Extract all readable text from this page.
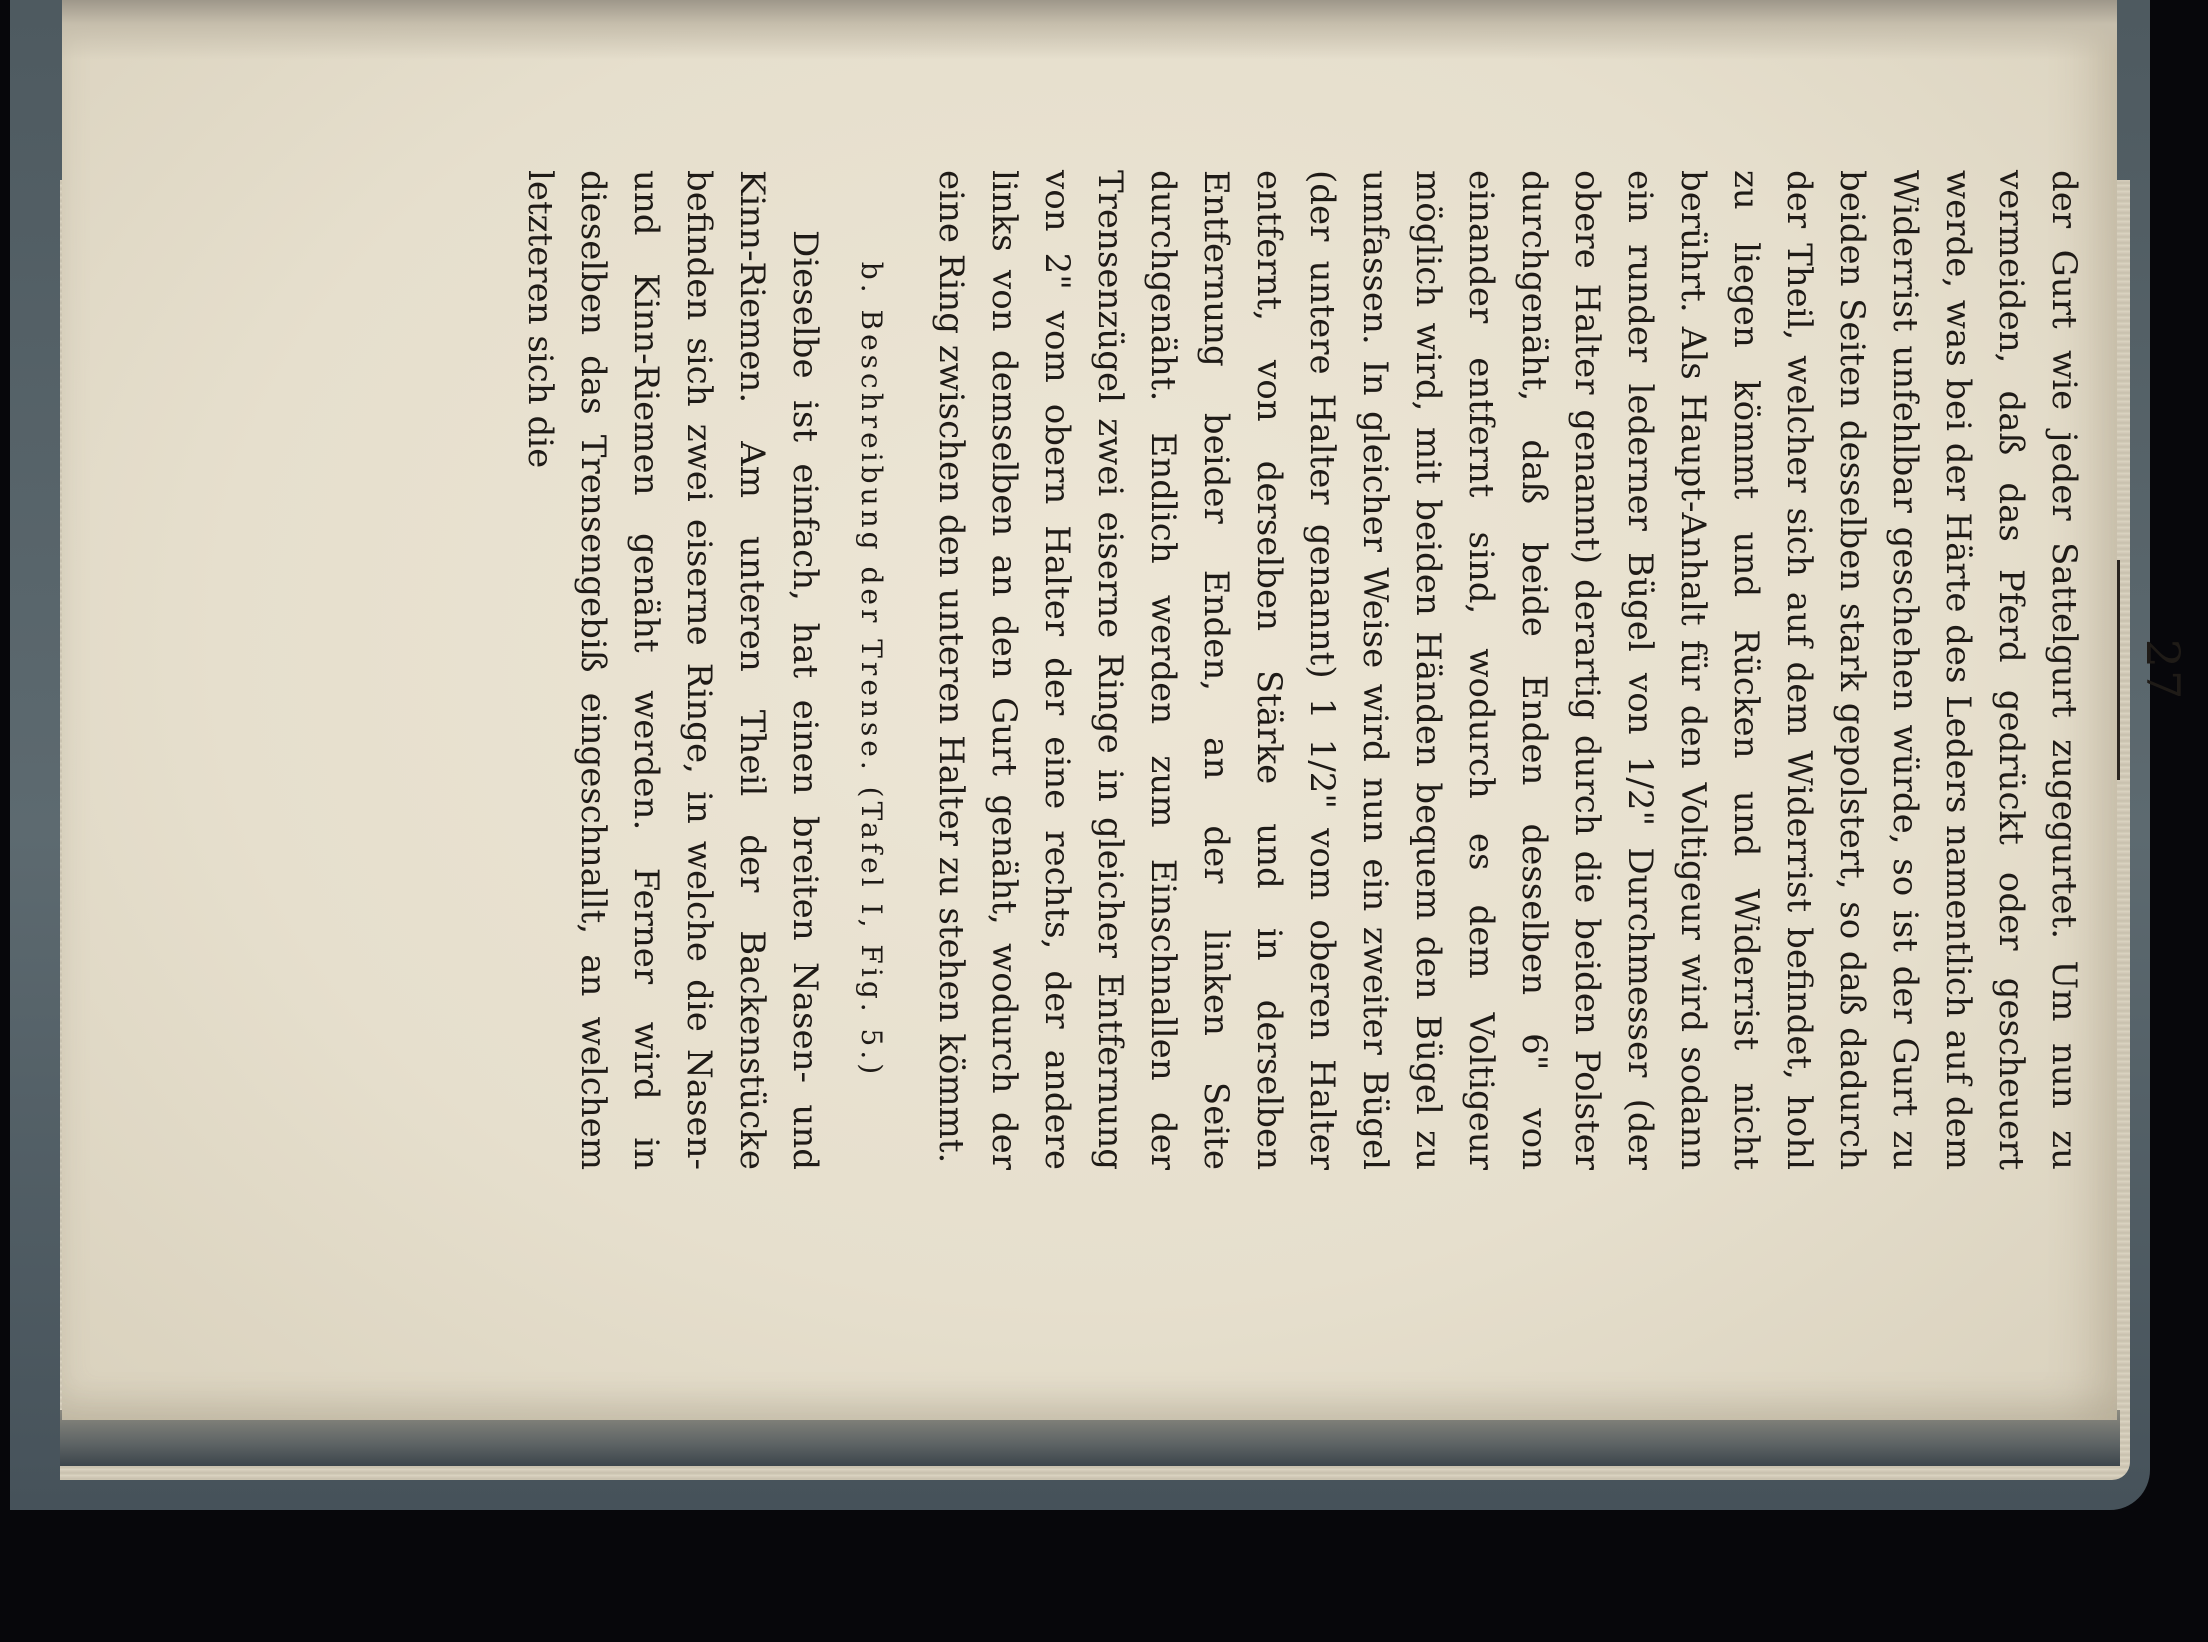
27

der Gurt wie jeder Sattelgurt zugegurtet. Um nun zu vermeiden, daß das Pferd gedrückt oder gescheuert werde, was bei der Härte des Leders namentlich auf dem Widerrist unfehlbar geschehen würde, so ist der Gurt zu beiden Seiten desselben stark gepolstert, so daß dadurch der Theil, welcher sich auf dem Widerrist befindet, hohl zu liegen kömmt und Rücken und Widerrist nicht berührt. Als Haupt-Anhalt für den Voltigeur wird sodann ein runder lederner Bügel von 1/2" Durchmesser (der obere Halter genannt) derartig durch die beiden Polster durchgenäht, daß beide Enden desselben 6" von einander entfernt sind, wodurch es dem Voltigeur möglich wird, mit beiden Händen bequem den Bügel zu umfassen. In gleicher Weise wird nun ein zweiter Bügel (der untere Halter genannt) 1 1/2" vom oberen Halter entfernt, von derselben Stärke und in derselben Entfernung beider Enden, an der linken Seite durchgenäht. Endlich werden zum Einschnallen der Trensenzügel zwei eiserne Ringe in gleicher Entfernung von 2" vom obern Halter der eine rechts, der andere links von demselben an den Gurt genäht, wodurch der eine Ring zwischen den unteren Halter zu stehen kömmt.

b. Beschreibung der Trense. (Tafel I, Fig. 5.)

Dieselbe ist einfach, hat einen breiten Nasen- und Kinn-Riemen. Am unteren Theil der Backenstücke befinden sich zwei eiserne Ringe, in welche die Nasen- und Kinn-Riemen genäht werden. Ferner wird in dieselben das Trensengebiß eingeschnallt, an welchem letzteren sich die
